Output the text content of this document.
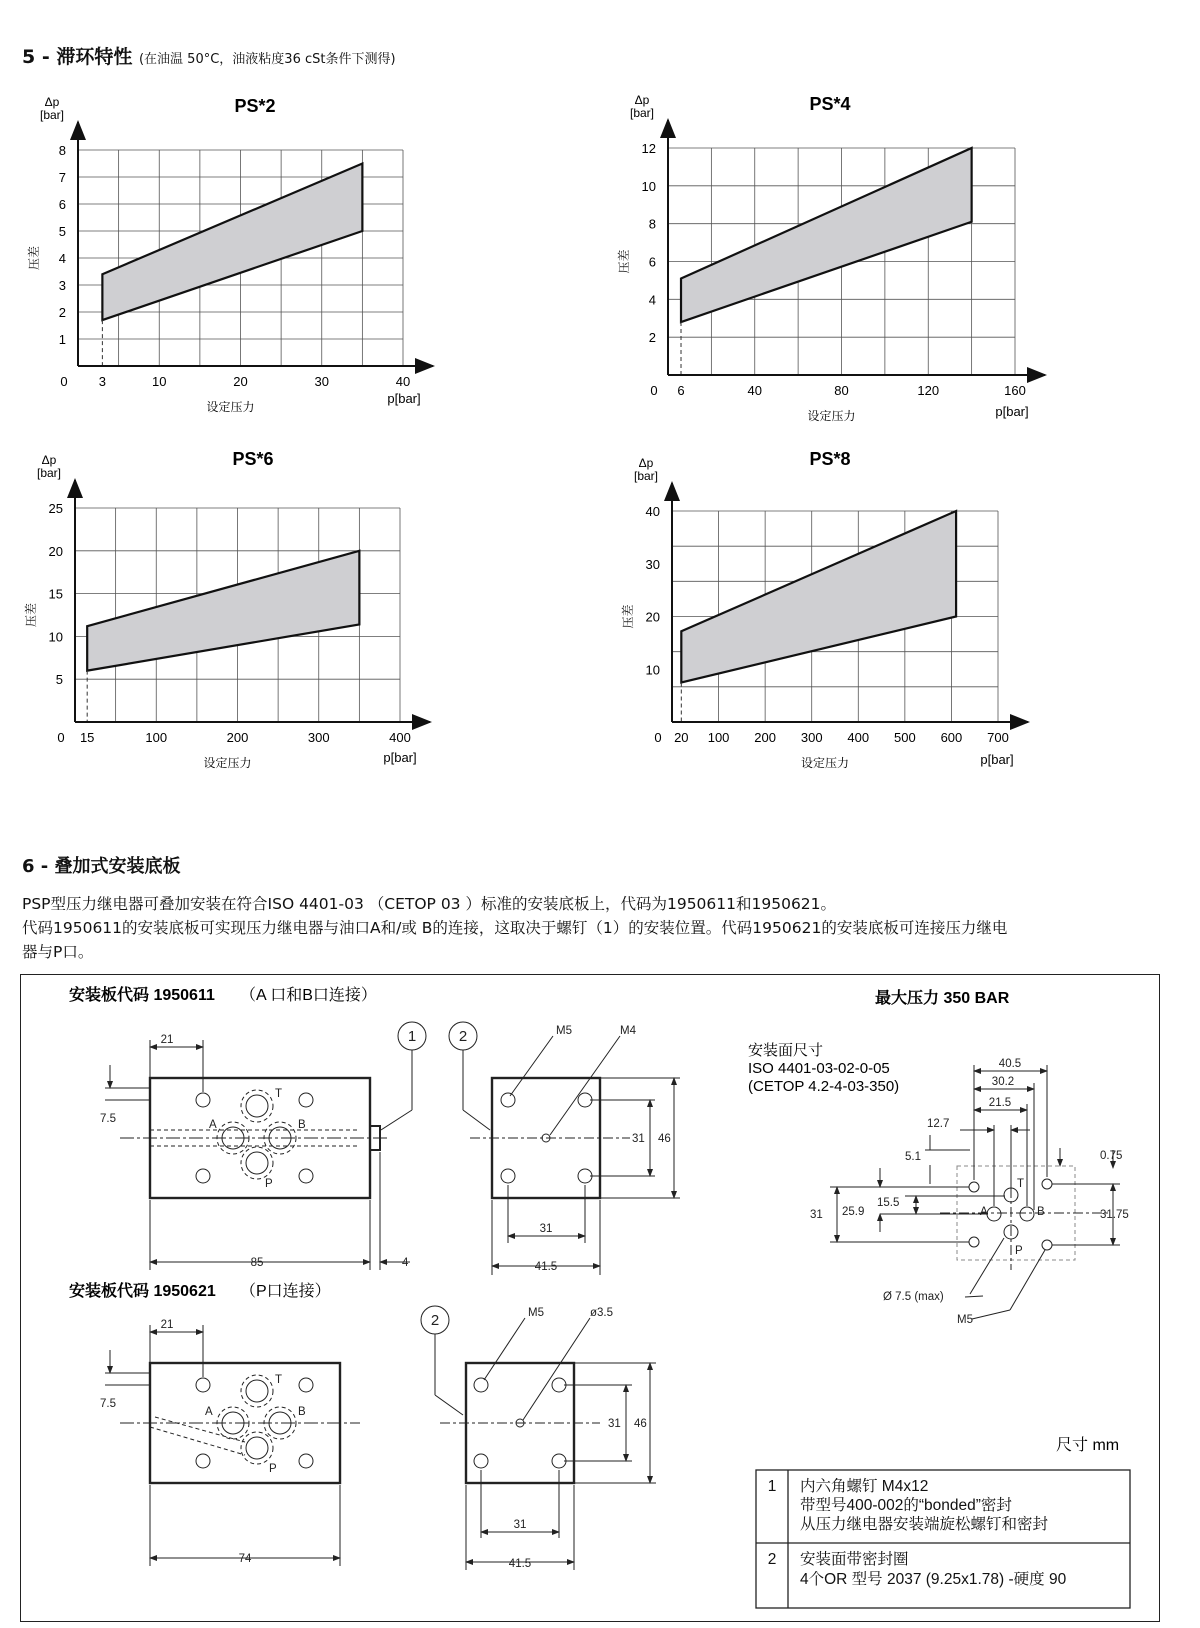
5 - 滞环特性 (在油温 50°C，油液粘度36 cSt条件下测得)
0 3	10	20	30	40
1
2
3
4
5
6
7
8
PS*2
Δp
[bar]
压差
设定压力
p[bar]
0 6	40	80	120	160
2
4
6
8
10
12
PS*4
Δp
[bar]
压差
设定压力	p[bar]
0 15	100	200	300	400
5
10
15
20
25
PS*6
Δp
[bar]
压差
设定压力	p[bar]
0 20 100 200 300 400 500 600 700
10
20
30
40
PS*8
Δp
[bar]
压差
设定压力	p[bar]
6 - 叠加式安装底板
PSP型压力继电器可叠加安装在符合ISO 4401-03 （CETOP 03 ）标准的安装底板上，代码为1950611和1950621。
代码1950611的安装底板可实现压力继电器与油口A和/或 B的连接，这取决于螺钉（1）的安装位置。代码1950621的安装底板可连接压力继电
器与P口。
安装板代码 1950611 （A 口和B口连接）
安装板代码 1950621 （P口连接）
最大压力 350 BAR
安装面尺寸
ISO 4401-03-02-0-05
(CETOP 4.2-4-03-350)
尺寸 mm
21
7.5
85	4
A	B
T
P
1	2	M5	M4
31
41.5
31 46
21
7.5
74
A	B
T
P
2	M5	ø3.5
31
41.5
31 46
40.5
30.2
21.5
12.7
5.1	0.75
31 25.9
15.5
31.75
Ø 7.5 (max)
M5
A	B
T
P
1 内六角螺钉 M4x12
带型号400-002的“bonded”密封
从压力继电器安装端旋松螺钉和密封
2 安装面带密封圈
4个OR 型号 2037 (9.25x1.78) -硬度 90
